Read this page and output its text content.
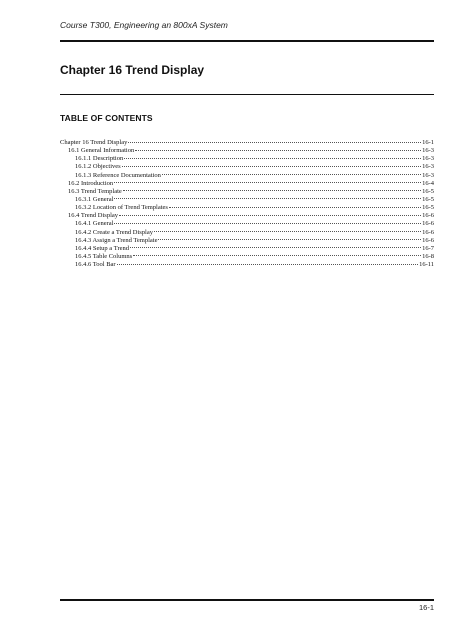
Course T300, Engineering an 800xA System
Chapter 16 Trend Display
TABLE OF CONTENTS
Chapter 16 Trend Display	16-1
16.1 General Information	16-3
16.1.1 Description	16-3
16.1.2 Objectives	16-3
16.1.3 Reference Documentation	16-3
16.2 Introduction	16-4
16.3 Trend Template	16-5
16.3.1 General	16-5
16.3.2 Location of Trend Templates	16-5
16.4 Trend Display	16-6
16.4.1 General	16-6
16.4.2 Create a Trend Display	16-6
16.4.3 Assign a Trend Template	16-6
16.4.4 Setup a Trend	16-7
16.4.5 Table Columns	16-8
16.4.6 Tool Bar	16-11
16-1
